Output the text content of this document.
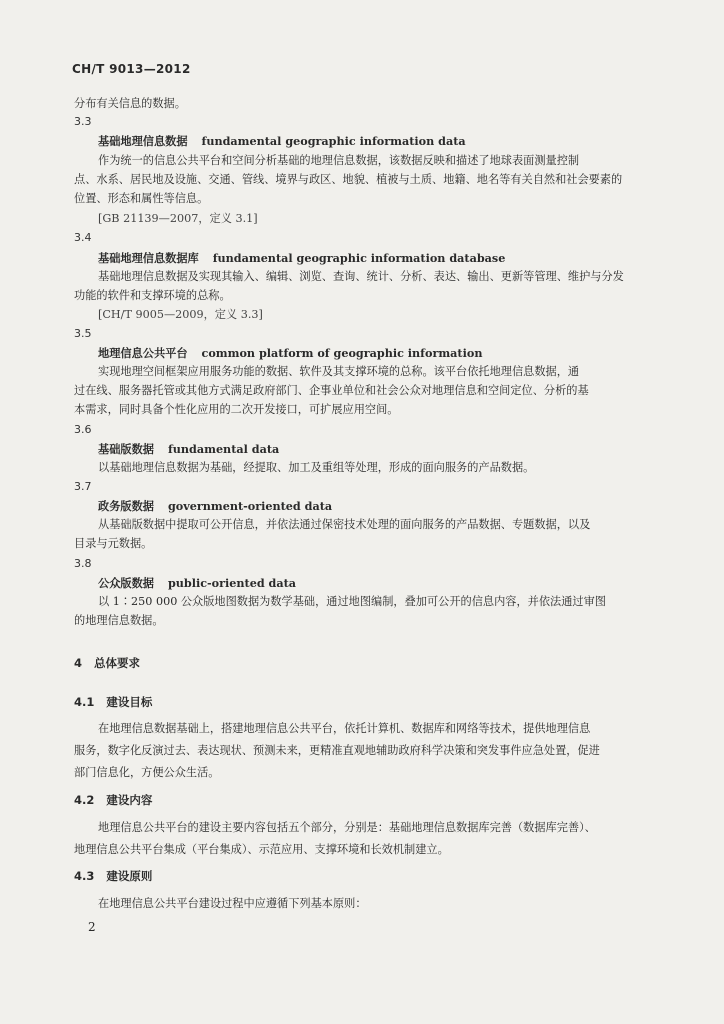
CH/T 9013—2012
分布有关信息的数据。
3.3
基础地理信息数据 fundamental geographic information data
作为统一的信息公共平台和空间分析基础的地理信息数据，该数据反映和描述了地球表面测量控制
点、水系、居民地及设施、交通、管线、境界与政区、地貌、植被与土质、地籍、地名等有关自然和社会要素的
位置、形态和属性等信息。
[GB 21139—2007，定义 3.1]
3.4
基础地理信息数据库 fundamental geographic information database
基础地理信息数据及实现其输入、编辑、浏览、查询、统计、分析、表达、输出、更新等管理、维护与分发
功能的软件和支撑环境的总称。
[CH/T 9005—2009，定义 3.3]
3.5
地理信息公共平台 common platform of geographic information
实现地理空间框架应用服务功能的数据、软件及其支撑环境的总称。该平台依托地理信息数据，通
过在线、服务器托管或其他方式满足政府部门、企事业单位和社会公众对地理信息和空间定位、分析的基
本需求，同时具备个性化应用的二次开发接口，可扩展应用空间。
3.6
基础版数据 fundamental data
以基础地理信息数据为基础，经提取、加工及重组等处理，形成的面向服务的产品数据。
3.7
政务版数据 government-oriented data
从基础版数据中提取可公开信息，并依法通过保密技术处理的面向服务的产品数据、专题数据，以及
目录与元数据。
3.8
公众版数据 public-oriented data
以 1∶250 000 公众版地图数据为数学基础，通过地图编制，叠加可公开的信息内容，并依法通过审图
的地理信息数据。
4 总体要求
4.1 建设目标
在地理信息数据基础上，搭建地理信息公共平台，依托计算机、数据库和网络等技术，提供地理信息
服务，数字化反演过去、表达现状、预测未来，更精准直观地辅助政府科学决策和突发事件应急处置，促进
部门信息化，方便公众生活。
4.2 建设内容
地理信息公共平台的建设主要内容包括五个部分，分别是：基础地理信息数据库完善（数据库完善）、
地理信息公共平台集成（平台集成）、示范应用、支撑环境和长效机制建立。
4.3 建设原则
在地理信息公共平台建设过程中应遵循下列基本原则：
2
